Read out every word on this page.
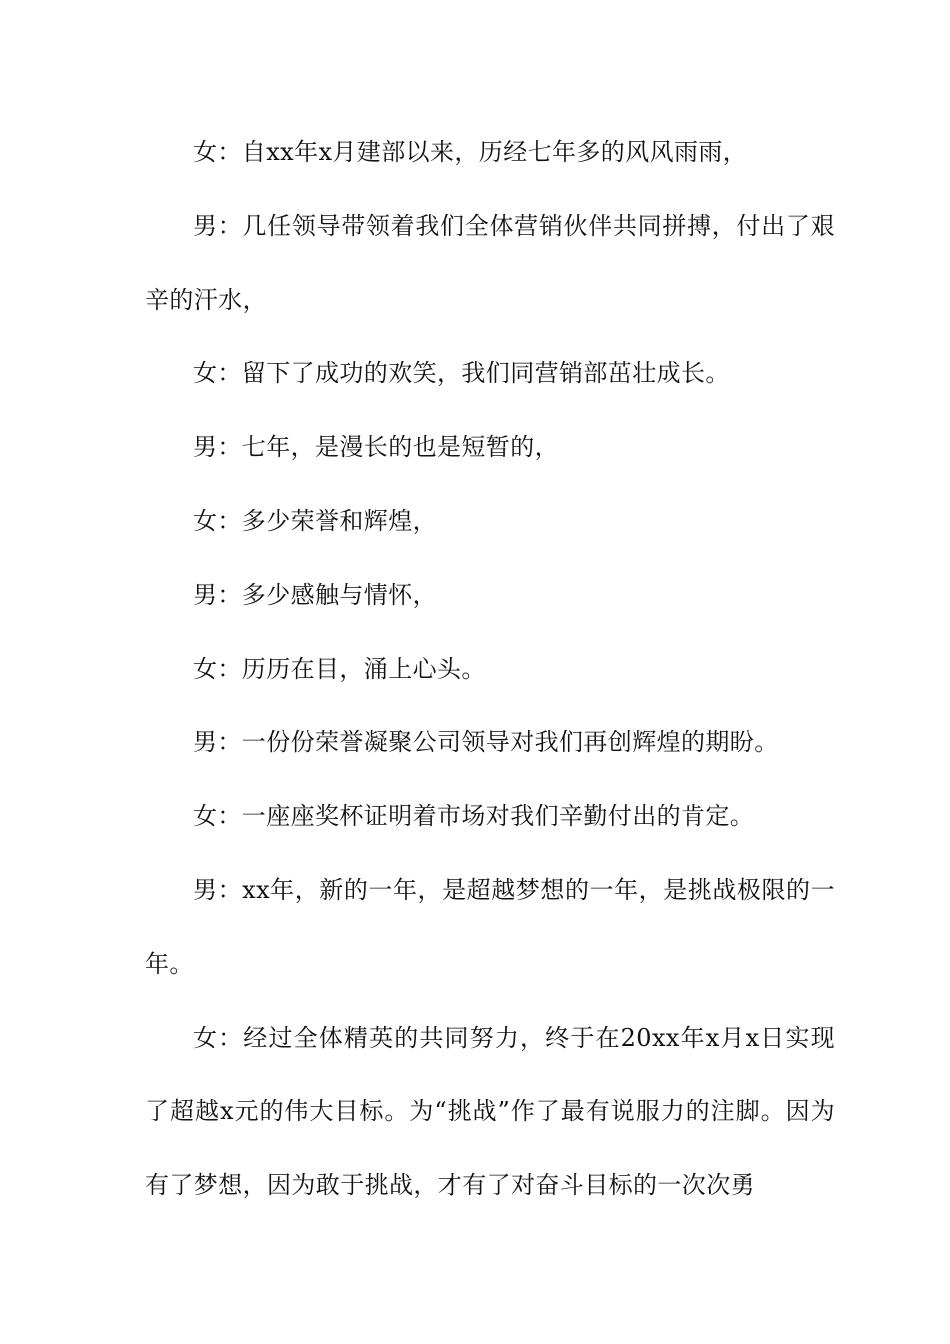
女：自xx年x月建部以来，历经七年多的风风雨雨，

男：几任领导带领着我们全体营销伙伴共同拼搏，付出了艰辛的汗水，

女：留下了成功的欢笑，我们同营销部茁壮成长。

男：七年，是漫长的也是短暂的，

女：多少荣誉和辉煌，

男：多少感触与情怀，

女：历历在目，涌上心头。

男：一份份荣誉凝聚公司领导对我们再创辉煌的期盼。

女：一座座奖杯证明着市场对我们辛勤付出的肯定。

男：xx年，新的一年，是超越梦想的一年，是挑战极限的一年。

女：经过全体精英的共同努力，终于在20xx年x月x日实现了超越x元的伟大目标。为“挑战”作了最有说服力的注脚。因为有了梦想，因为敢于挑战，才有了对奋斗目标的一次次勇
